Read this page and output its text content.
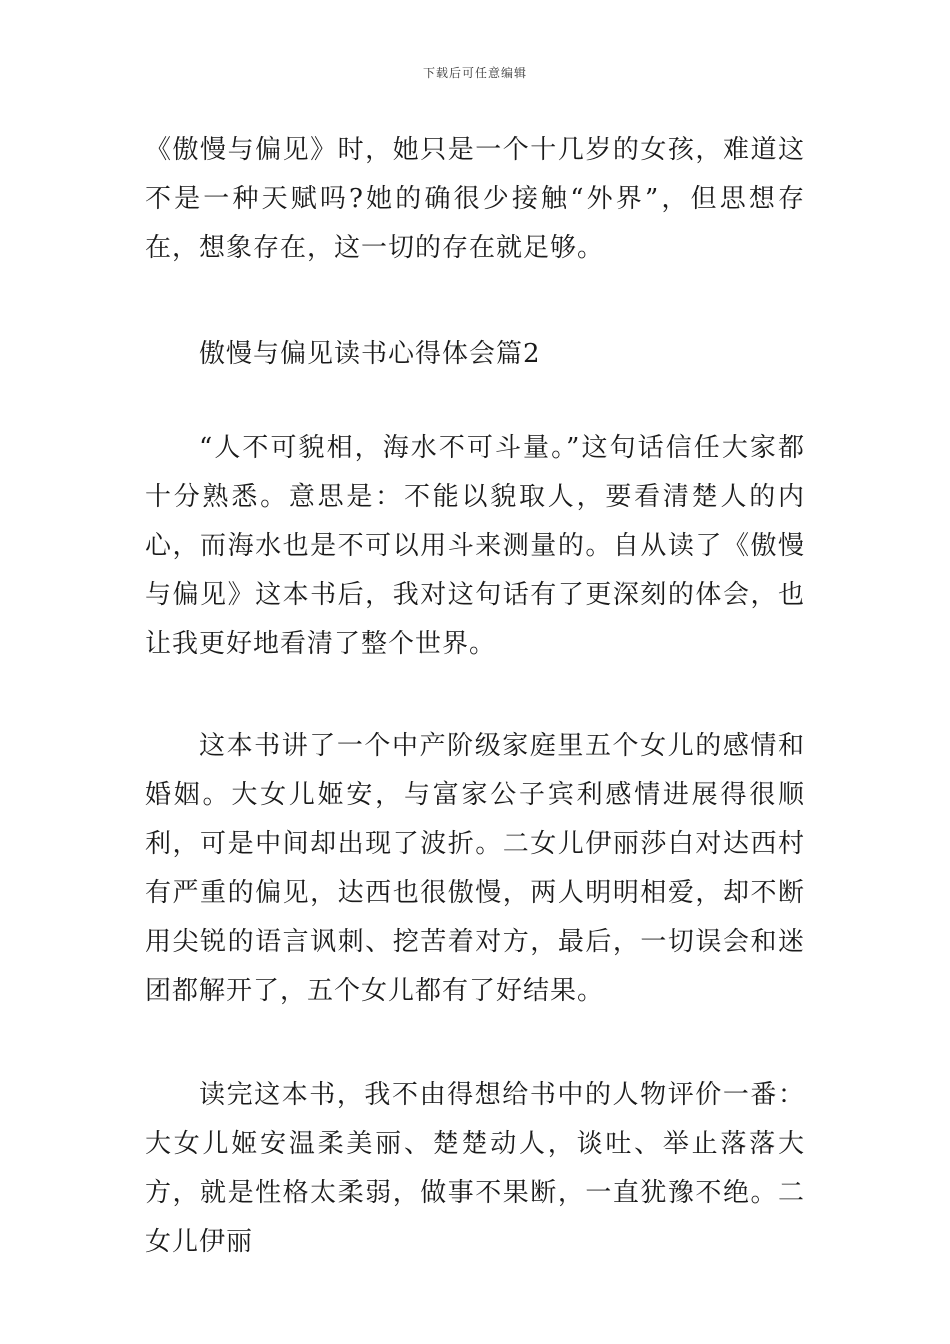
下载后可任意编辑

《傲慢与偏见》时，她只是一个十几岁的女孩，难道这不是一种天赋吗?她的确很少接触“外界”，但思想存在，想象存在，这一切的存在就足够。

傲慢与偏见读书心得体会篇2

“人不可貌相，海水不可斗量。”这句话信任大家都十分熟悉。意思是：不能以貌取人，要看清楚人的内心，而海水也是不可以用斗来测量的。自从读了《傲慢与偏见》这本书后，我对这句话有了更深刻的体会，也让我更好地看清了整个世界。

这本书讲了一个中产阶级家庭里五个女儿的感情和婚姻。大女儿姬安，与富家公子宾利感情进展得很顺利，可是中间却出现了波折。二女儿伊丽莎白对达西村有严重的偏见，达西也很傲慢，两人明明相爱，却不断用尖锐的语言讽刺、挖苦着对方，最后，一切误会和迷团都解开了，五个女儿都有了好结果。

读完这本书，我不由得想给书中的人物评价一番：大女儿姬安温柔美丽、楚楚动人，谈吐、举止落落大方，就是性格太柔弱，做事不果断，一直犹豫不绝。二女儿伊丽
